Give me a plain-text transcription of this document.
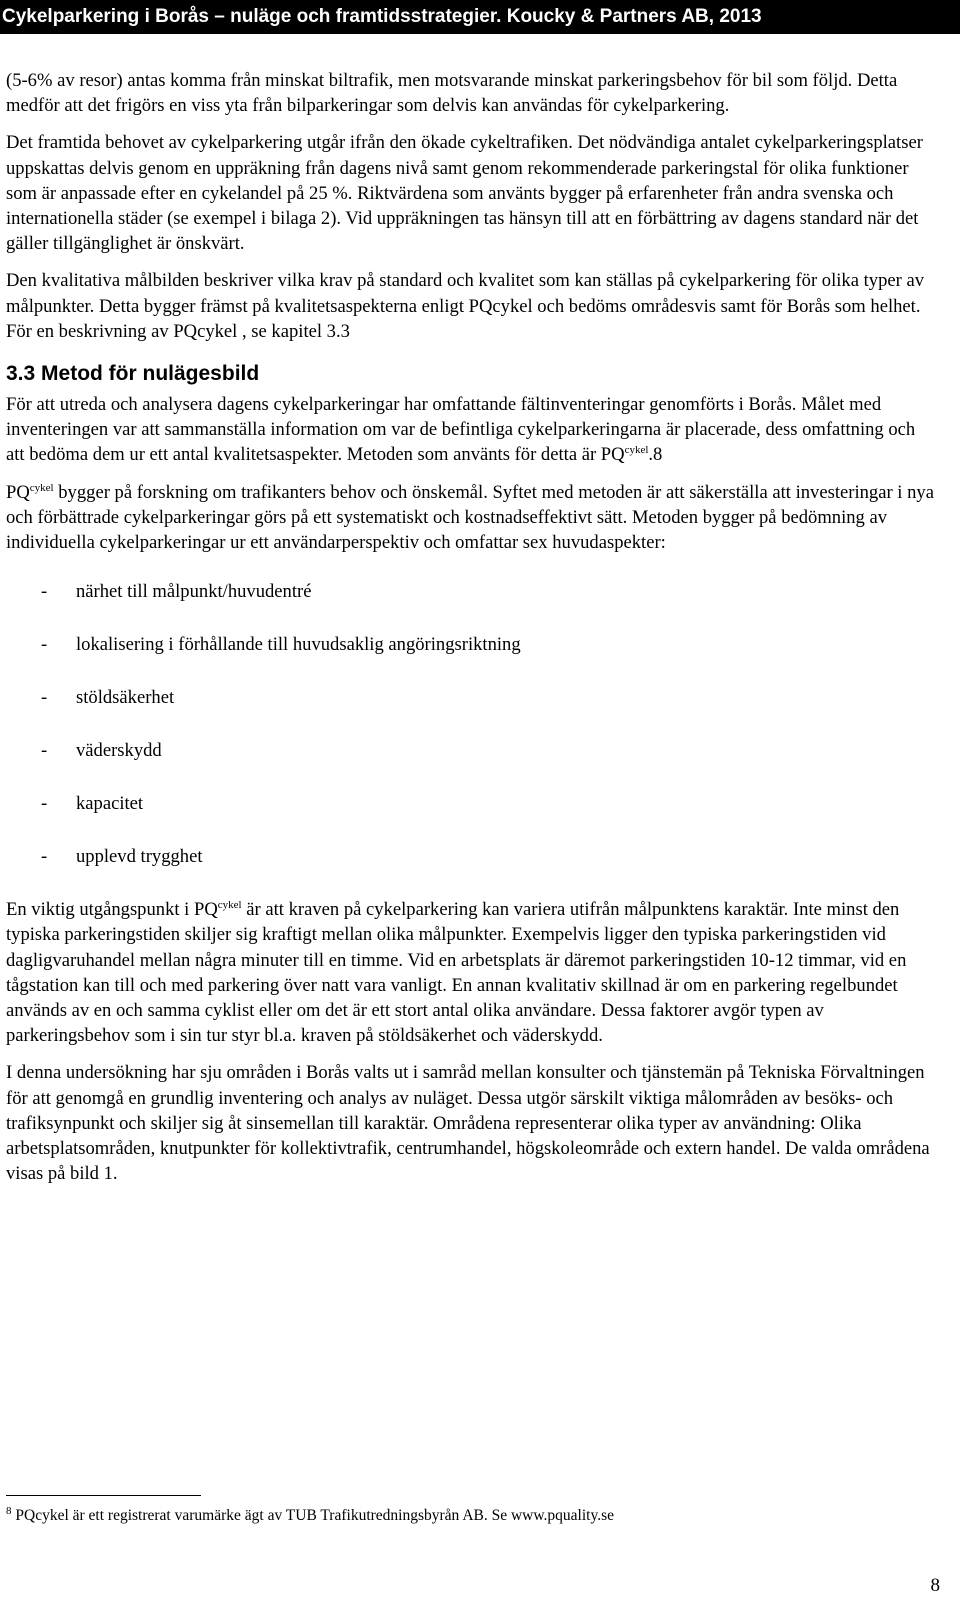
Cykelparkering i Borås – nuläge och framtidsstrategier. Koucky & Partners AB, 2013

(5-6% av resor) antas komma från minskat biltrafik, men motsvarande minskat parkeringsbehov för bil som följd. Detta medför att det frigörs en viss yta från bilparkeringar som delvis kan användas för cykelparkering.

Det framtida behovet av cykelparkering utgår ifrån den ökade cykeltrafiken. Det nödvändiga antalet cykelparkeringsplatser uppskattas delvis genom en uppräkning från dagens nivå samt genom rekommenderade parkeringstal för olika funktioner som är anpassade efter en cykelandel på 25 %. Riktvärdena som använts bygger på erfarenheter från andra svenska och internationella städer (se exempel i bilaga 2). Vid uppräkningen tas hänsyn till att en förbättring av dagens standard när det gäller tillgänglighet är önskvärt.

Den kvalitativa målbilden beskriver vilka krav på standard och kvalitet som kan ställas på cykelparkering för olika typer av målpunkter. Detta bygger främst på kvalitetsaspekterna enligt PQcykel och bedöms områdesvis samt för Borås som helhet. För en beskrivning av PQcykel , se kapitel 3.3

3.3 Metod för nulägesbild

För att utreda och analysera dagens cykelparkeringar har omfattande fältinventeringar genomförts i Borås. Målet med inventeringen var att sammanställa information om var de befintliga cykelparkeringarna är placerade, dess omfattning och att bedöma dem ur ett antal kvalitetsaspekter. Metoden som använts för detta är $PQ^{cykel}.8$

$PQ^{cykel}$ bygger på forskning om trafikanters behov och önskemål. Syftet med metoden är att säkerställa att investeringar i nya och förbättrade cykelparkeringar görs på ett systematiskt och kostnadseffektivt sätt. Metoden bygger på bedömning av individuella cykelparkeringar ur ett användarperspektiv och omfattar sex huvudaspekter:

- närhet till målpunkt/huvudentré
- lokalisering i förhållande till huvudsaklig angöringsriktning
- stöldsäkerhet
- väderskydd
- kapacitet
- upplevd trygghet

En viktig utgångspunkt i $PQ^{cykel}$ är att kraven på cykelparkering kan variera utifrån målpunktens karaktär. Inte minst den typiska parkeringstiden skiljer sig kraftigt mellan olika målpunkter. Exempelvis ligger den typiska parkeringstiden vid dagligvaruhandel mellan några minuter till en timme. Vid en arbetsplats är däremot parkeringstiden 10-12 timmar, vid en tågstation kan till och med parkering över natt vara vanligt. En annan kvalitativ skillnad är om en parkering regelbundet används av en och samma cyklist eller om det är ett stort antal olika användare. Dessa faktorer avgör typen av parkeringsbehov som i sin tur styr bl.a. kraven på stöldsäkerhet och väderskydd.

I denna undersökning har sju områden i Borås valts ut i samråd mellan konsulter och tjänstemän på Tekniska Förvaltningen för att genomgå en grundlig inventering och analys av nuläget. Dessa utgör särskilt viktiga målområden av besöks- och trafiksynpunkt och skiljer sig åt sinsemellan till karaktär. Områdena representerar olika typer av användning: Olika arbetsplatsområden, knutpunkter för kollektivtrafik, centrumhandel, högskoleområde och extern handel. De valda områdena visas på bild 1.

$^8$ PQcykel är ett registrerat varumärke ägt av TUB Trafikutredningsbyrån AB. Se www.pquality.se
8
